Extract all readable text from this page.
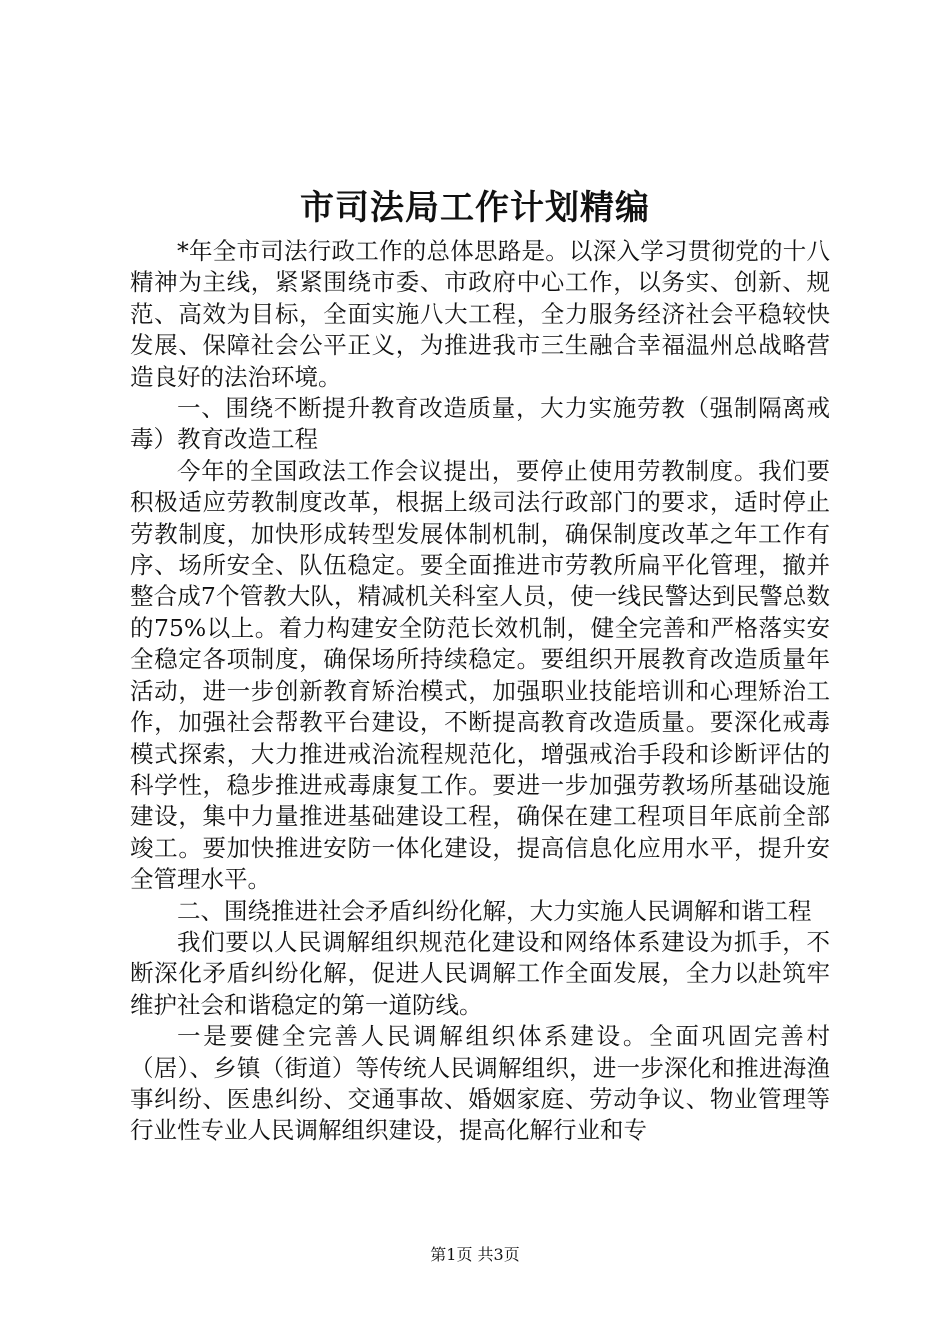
市司法局工作计划精编

*年全市司法行政工作的总体思路是。以深入学习贯彻党的十八精神为主线，紧紧围绕市委、市政府中心工作，以务实、创新、规范、高效为目标，全面实施八大工程，全力服务经济社会平稳较快发展、保障社会公平正义，为推进我市三生融合幸福温州总战略营造良好的法治环境。

一、围绕不断提升教育改造质量，大力实施劳教（强制隔离戒毒）教育改造工程

今年的全国政法工作会议提出，要停止使用劳教制度。我们要积极适应劳教制度改革，根据上级司法行政部门的要求，适时停止劳教制度，加快形成转型发展体制机制，确保制度改革之年工作有序、场所安全、队伍稳定。要全面推进市劳教所扁平化管理，撤并整合成7个管教大队，精减机关科室人员，使一线民警达到民警总数的75%以上。着力构建安全防范长效机制，健全完善和严格落实安全稳定各项制度，确保场所持续稳定。要组织开展教育改造质量年活动，进一步创新教育矫治模式，加强职业技能培训和心理矫治工作，加强社会帮教平台建设，不断提高教育改造质量。要深化戒毒模式探索，大力推进戒治流程规范化，增强戒治手段和诊断评估的科学性，稳步推进戒毒康复工作。要进一步加强劳教场所基础设施建设，集中力量推进基础建设工程，确保在建工程项目年底前全部竣工。要加快推进安防一体化建设，提高信息化应用水平，提升安全管理水平。

二、围绕推进社会矛盾纠纷化解，大力实施人民调解和谐工程

我们要以人民调解组织规范化建设和网络体系建设为抓手，不断深化矛盾纠纷化解，促进人民调解工作全面发展，全力以赴筑牢维护社会和谐稳定的第一道防线。

一是要健全完善人民调解组织体系建设。全面巩固完善村（居）、乡镇（街道）等传统人民调解组织，进一步深化和推进海渔事纠纷、医患纠纷、交通事故、婚姻家庭、劳动争议、物业管理等行业性专业人民调解组织建设，提高化解行业和专

第1页 共3页
